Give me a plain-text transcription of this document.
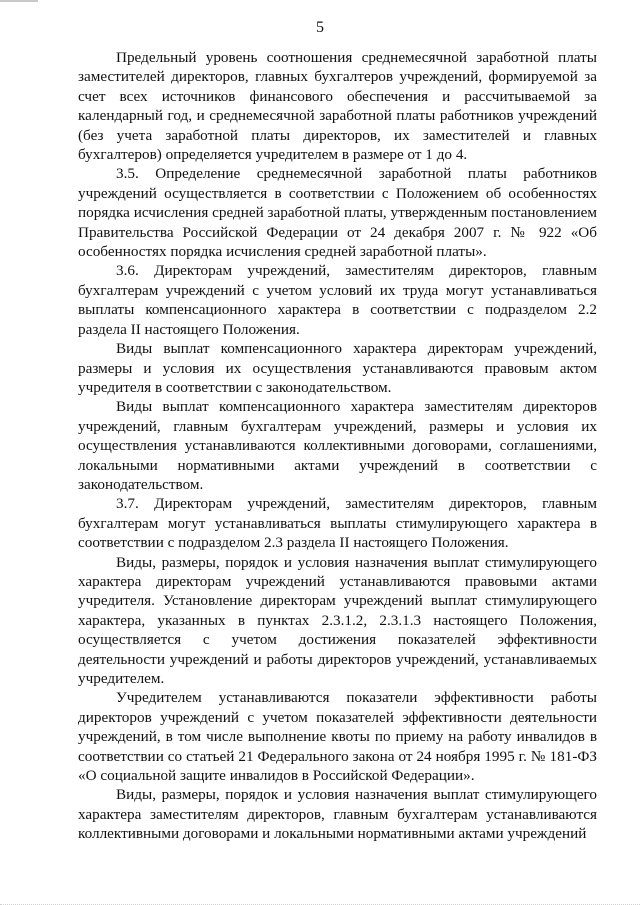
5

Предельный уровень соотношения среднемесячной заработной платы заместителей директоров, главных бухгалтеров учреждений, формируемой за счет всех источников финансового обеспечения и рассчитываемой за календарный год, и среднемесячной заработной платы работников учреждений (без учета заработной платы директоров, их заместителей и главных бухгалтеров) определяется учредителем в размере от 1 до 4.

3.5. Определение среднемесячной заработной платы работников учреждений осуществляется в соответствии с Положением об особенностях порядка исчисления средней заработной платы, утвержденным постановлением Правительства Российской Федерации от 24 декабря 2007 г. № 922 «Об особенностях порядка исчисления средней заработной платы».

3.6. Директорам учреждений, заместителям директоров, главным бухгалтерам учреждений с учетом условий их труда могут устанавливаться выплаты компенсационного характера в соответствии с подразделом 2.2 раздела II настоящего Положения.

Виды выплат компенсационного характера директорам учреждений, размеры и условия их осуществления устанавливаются правовым актом учредителя в соответствии с законодательством.

Виды выплат компенсационного характера заместителям директоров учреждений, главным бухгалтерам учреждений, размеры и условия их осуществления устанавливаются коллективными договорами, соглашениями, локальными нормативными актами учреждений в соответствии с законодательством.

3.7. Директорам учреждений, заместителям директоров, главным бухгалтерам могут устанавливаться выплаты стимулирующего характера в соответствии с подразделом 2.3 раздела II настоящего Положения.

Виды, размеры, порядок и условия назначения выплат стимулирующего характера директорам учреждений устанавливаются правовыми актами учредителя. Установление директорам учреждений выплат стимулирующего характера, указанных в пунктах 2.3.1.2, 2.3.1.3 настоящего Положения, осуществляется с учетом достижения показателей эффективности деятельности учреждений и работы директоров учреждений, устанавливаемых учредителем.

Учредителем устанавливаются показатели эффективности работы директоров учреждений с учетом показателей эффективности деятельности учреждений, в том числе выполнение квоты по приему на работу инвалидов в соответствии со статьей 21 Федерального закона от 24 ноября 1995 г. № 181-ФЗ «О социальной защите инвалидов в Российской Федерации».

Виды, размеры, порядок и условия назначения выплат стимулирующего характера заместителям директоров, главным бухгалтерам устанавливаются коллективными договорами и локальными нормативными актами учреждений
